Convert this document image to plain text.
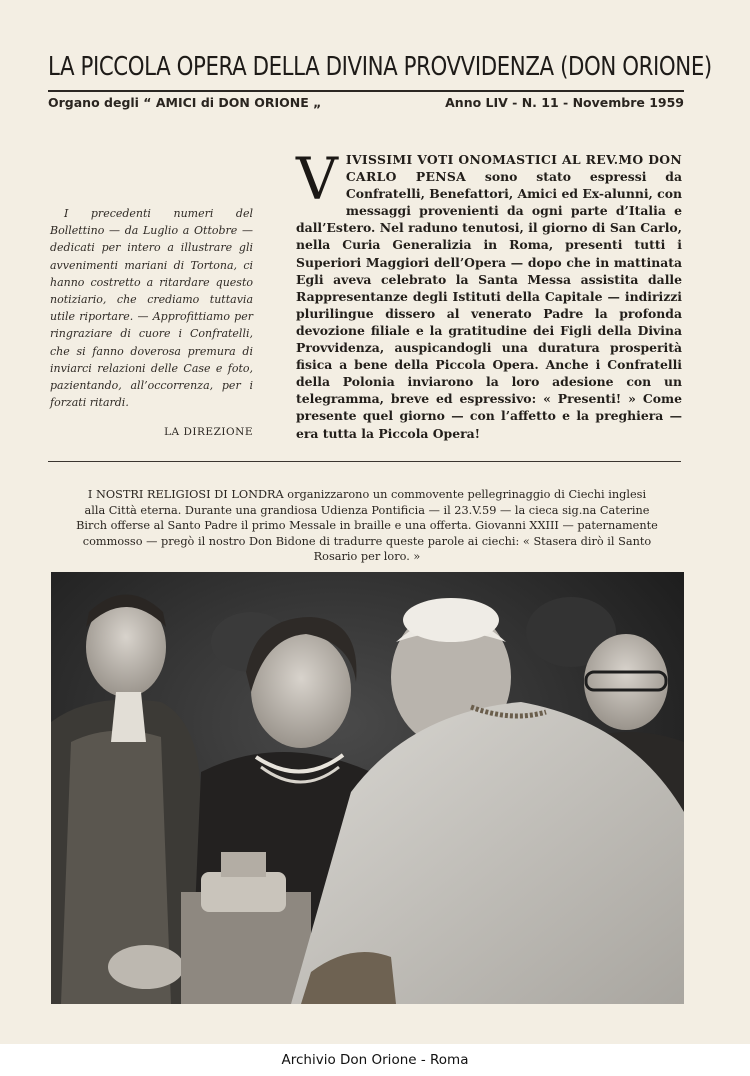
LA PICCOLA OPERA DELLA DIVINA PROVVIDENZA (DON ORIONE)
Organo degli “ AMICI di DON ORIONE „	Anno LIV - N. 11 - Novembre 1959
I precedenti numeri del Bollettino — da Luglio a Ottobre — dedicati per intero a illustrare gli avvenimenti mariani di Tortona, ci hanno costretto a ritardare questo notiziario, che crediamo tuttavia utile riportare. — Approfittiamo per ringraziare di cuore i Confratelli, che si fanno doverosa premura di inviarci relazioni delle Case e foto, pazientando, all’occorrenza, per i forzati ritardi.
LA DIREZIONE
VIVISSIMI VOTI ONOMASTICI AL REV.MO DON CARLO PENSA sono stato espressi da Confratelli, Benefattori, Amici ed Ex-alunni, con messaggi provenienti da ogni parte d’Italia e dall’Estero. Nel raduno tenutosi, il giorno di San Carlo, nella Curia Generalizia in Roma, presenti tutti i Superiori Maggiori dell’Opera — dopo che in mattinata Egli aveva celebrato la Santa Messa assistita dalle Rappresentanze degli Istituti della Capitale — indirizzi plurilingue dissero al venerato Padre la profonda devozione filiale e la gratitudine dei Figli della Divina Provvidenza, auspicandogli una duratura prosperità fisica a bene della Piccola Opera. Anche i Confratelli della Polonia inviarono la loro adesione con un telegramma, breve ed espressivo: « Presenti! » Come presente quel giorno — con l’affetto e la preghiera — era tutta la Piccola Opera!
I NOSTRI RELIGIOSI DI LONDRA organizzarono un commovente pellegrinaggio di Ciechi inglesi alla Città eterna. Durante una grandiosa Udienza Pontificia — il 23.V.59 — la cieca sig.na Caterine Birch offerse al Santo Padre il primo Messale in braille e una offerta. Giovanni XXIII — paternamente commosso — pregò il nostro Don Bidone di tradurre queste parole ai ciechi: « Stasera dirò il Santo Rosario per loro. »
Archivio Don Orione - Roma
